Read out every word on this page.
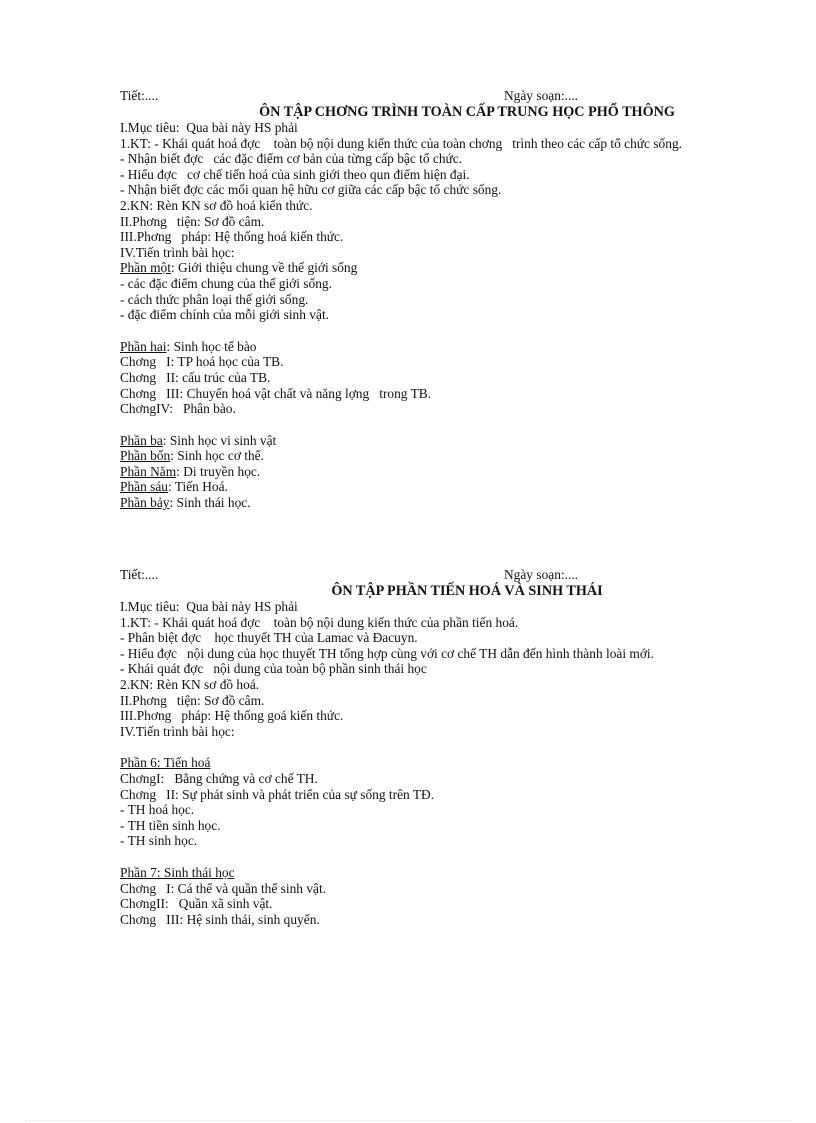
Tiết:....	Ngày soạn:....
ÔN TẬP CHƠNG TRÌNH TOÀN CẤP TRUNG HỌC PHỔ THÔNG
I.Mục tiêu:  Qua bài này HS phải
1.KT: - Khái quát hoá đợc    toàn bộ nội dung kiến thức của toàn chơng   trình theo các cấp tổ chức sống.
- Nhận biết đợc   các đặc điểm cơ bản của từng cấp bậc tổ chức.
- Hiểu đợc   cơ chế tiến hoá của sinh giới theo qun điểm hiện đại.
- Nhận biết đợc các mối quan hệ hữu cơ giữa các cấp bậc tổ chức sống.
2.KN: Rèn KN sơ đồ hoá kiến thức.
II.Phơng   tiện: Sơ đồ câm.
III.Phơng   pháp: Hệ thống hoá kiến thức.
IV.Tiến trình bài học:
Phần một: Giới thiệu chung về thế giới sống
- các đặc điểm chung của thế giới sống.
- cách thức phân loại thế giới sống.
- đặc điểm chính của mỗi giới sinh vật.
Phần hai: Sinh học tế bào
Chơng   I: TP hoá học của TB.
Chơng   II: cấu trúc của TB.
Chơng   III: Chuyển hoá vật chất và năng lợng   trong TB.
ChơngIV:   Phân bào.
Phần ba: Sinh học vi sinh vật
Phần bốn: Sinh học cơ thể.
Phần Năm: Di truyền học.
Phần sáu: Tiến Hoá.
Phần bảy: Sinh thái học.
Tiết:....	Ngày soạn:....
ÔN TẬP PHẦN TIẾN HOÁ VÀ SINH THÁI
I.Mục tiêu:  Qua bài này HS phải
1.KT: - Khái quát hoá đợc    toàn bộ nội dung kiến thức của phần tiến hoá.
- Phân biệt đợc    học thuyết TH của Lamac và Đacuyn.
- Hiểu đợc   nội dung của học thuyết TH tổng hợp cùng với cơ chế TH dẫn đến hình thành loài mới.
- Khái quát đợc   nội dung của toàn bộ phần sinh thái học
2.KN: Rèn KN sơ đồ hoá.
II.Phơng   tiện: Sơ đồ câm.
III.Phơng   pháp: Hệ thống goá kiến thức.
IV.Tiến trình bài học:
Phần 6: Tiến hoá
ChơngI:   Bằng chứng và cơ chế TH.
Chơng   II: Sự phát sinh và phát triển của sự sống trên TĐ.
- TH hoá học.
- TH tiền sinh học.
- TH sinh học.
Phần 7: Sinh thái học
Chơng   I: Cá thể và quần thể sinh vật.
ChơngII:   Quần xã sinh vật.
Chơng   III: Hệ sinh thái, sinh quyển.
